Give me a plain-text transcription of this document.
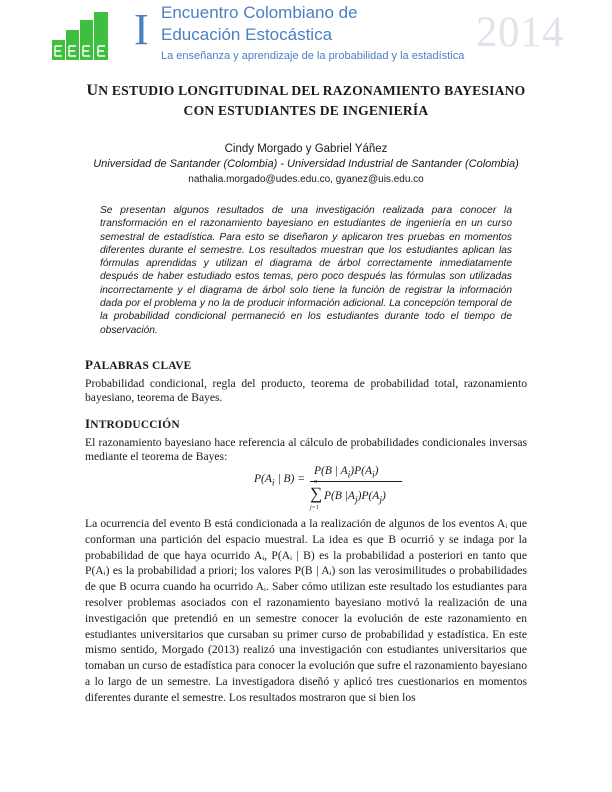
I Encuentro Colombiano de
Educación Estocástica
La enseñanza y aprendizaje de la probabilidad y la estadística 2014
UN ESTUDIO LONGITUDINAL DEL RAZONAMIENTO BAYESIANO
CON ESTUDIANTES DE INGENIERÍA
Cindy Morgado y Gabriel Yáñez
Universidad de Santander (Colombia) - Universidad Industrial de Santander (Colombia)
nathalia.morgado@udes.edu.co, gyanez@uis.edu.co
Se presentan algunos resultados de una investigación realizada para conocer la transformación en el razonamiento bayesiano en estudiantes de ingeniería en un curso semestral de estadística. Para esto se diseñaron y aplicaron tres pruebas en momentos diferentes durante el semestre. Los resultados muestran que los estudiantes aplican las fórmulas aprendidas y utilizan el diagrama de árbol correctamente inmediatamente después de haber estudiado estos temas, pero poco después las fórmulas son utilizadas incorrectamente y el diagrama de árbol solo tiene la función de registrar la información dada por el problema y no la de producir información adicional. La concepción temporal de la probabilidad condicional permaneció en los estudiantes durante todo el tiempo de observación.
PALABRAS CLAVE
Probabilidad condicional, regla del producto, teorema de probabilidad total, razonamiento bayesiano, teorema de Bayes.
INTRODUCCIÓN
El razonamiento bayesiano hace referencia al cálculo de probabilidades condicionales inversas mediante el teorema de Bayes:
$P(A_i$ | B) =
P(B | $A_i)P(A_i)$
n
∑
j=1
P(B $|A_j)P(A_j)$
La ocurrencia del evento B está condicionada a la realización de algunos de los eventos Aᵢ que conforman una partición del espacio muestral. La idea es que B ocurrió y se indaga por la probabilidad de que haya ocurrido Aᵢ, P(Aᵢ | B) es la probabilidad a posteriori en tanto que P(Aᵢ) es la probabilidad a priori; los valores P(B | Aᵢ) son las verosimilitudes o probabilidades de que B ocurra cuando ha ocurrido Aᵢ. Saber cómo utilizan este resultado los estudiantes para resolver problemas asociados con el razonamiento bayesiano motivó la realización de una investigación que pretendió en un semestre conocer la evolución de este razonamiento en estudiantes universitarios que cursaban su primer curso de probabilidad y estadística. En este mismo sentido, Morgado (2013) realizó una investigación con estudiantes universitarios que tomaban un curso de estadística para conocer la evolución que sufre el razonamiento bayesiano a lo largo de un semestre. La investigadora diseñó y aplicó tres cuestionarios en momentos diferentes durante el semestre. Los resultados mostraron que si bien los
